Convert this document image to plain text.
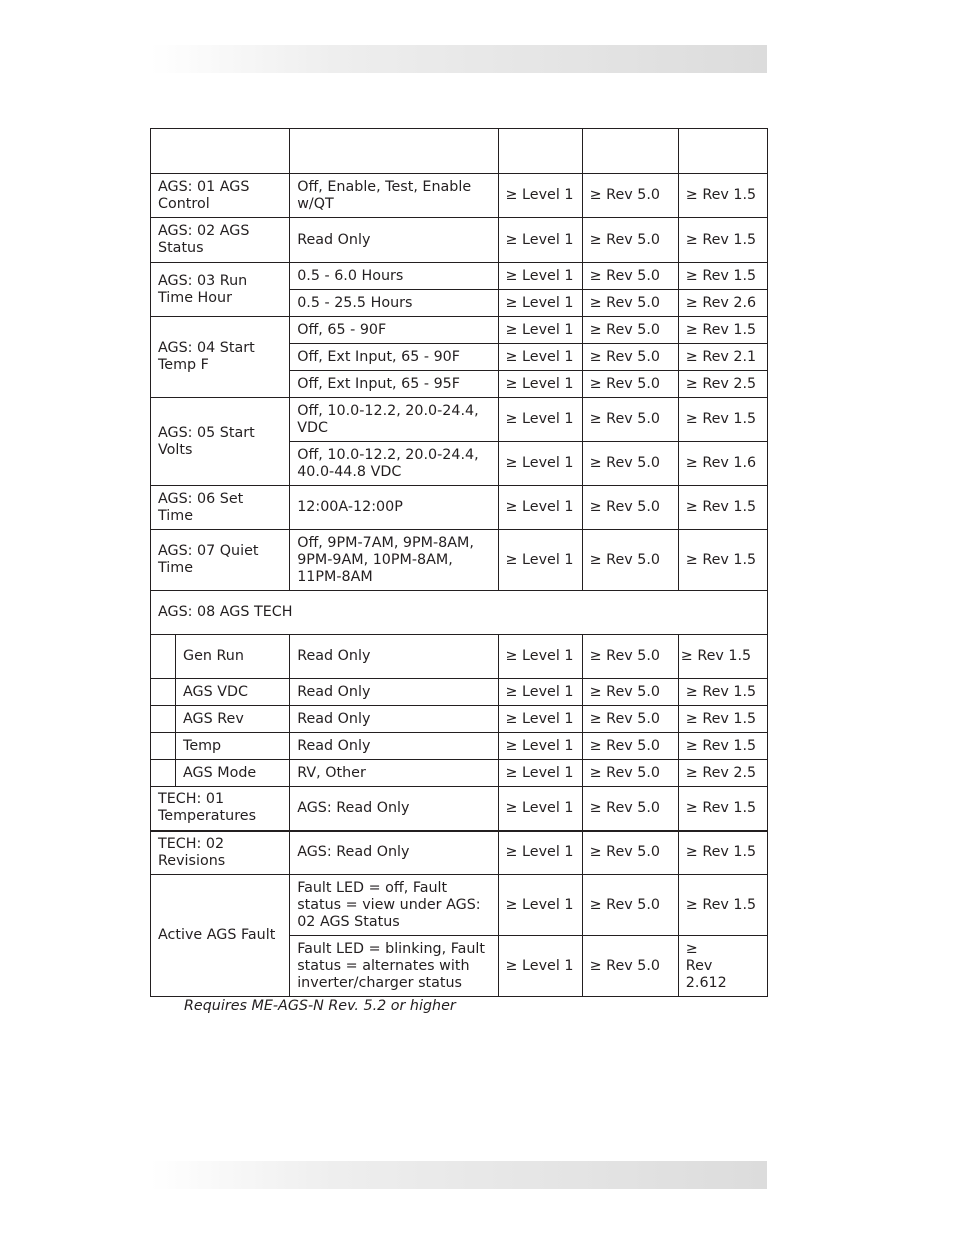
AGS: 01 AGS Control		Off, Enable, Test, Enable w/QT	≥ Level 1	≥ Rev 5.0	≥ Rev 1.5
AGS: 02 AGS Status		Read Only	≥ Level 1	≥ Rev 5.0	≥ Rev 1.5
AGS: 03 Run Time Hour		0.5 - 6.0 Hours	≥ Level 1	≥ Rev 5.0	≥ Rev 1.5
		0.5 - 25.5 Hours	≥ Level 1	≥ Rev 5.0	≥ Rev 2.6
AGS: 04 Start Temp F		Off, 65 - 90F	≥ Level 1	≥ Rev 5.0	≥ Rev 1.5
		Off, Ext Input, 65 - 90F	≥ Level 1	≥ Rev 5.0	≥ Rev 2.1
		Off, Ext Input, 65 - 95F	≥ Level 1	≥ Rev 5.0	≥ Rev 2.5
AGS: 05 Start Volts		Off, 10.0-12.2, 20.0-24.4, VDC	≥ Level 1	≥ Rev 5.0	≥ Rev 1.5
		Off, 10.0-12.2, 20.0-24.4, 40.0-44.8 VDC	≥ Level 1	≥ Rev 5.0	≥ Rev 1.6
AGS: 06 Set Time		12:00A-12:00P	≥ Level 1	≥ Rev 5.0	≥ Rev 1.5
AGS: 07 Quiet Time		Off, 9PM-7AM, 9PM-8AM, 9PM-9AM, 10PM-8AM, 11PM-8AM	≥ Level 1	≥ Rev 5.0	≥ Rev 1.5
AGS: 08 AGS TECH					
	Gen Run	Read Only	≥ Level 1	≥ Rev 5.0	≥ Rev 1.5
	AGS VDC	Read Only	≥ Level 1	≥ Rev 5.0	≥ Rev 1.5
	AGS Rev	Read Only	≥ Level 1	≥ Rev 5.0	≥ Rev 1.5
	Temp	Read Only	≥ Level 1	≥ Rev 5.0	≥ Rev 1.5
	AGS Mode	RV, Other	≥ Level 1	≥ Rev 5.0	≥ Rev 2.5
TECH: 01 Temperatures		AGS: Read Only	≥ Level 1	≥ Rev 5.0	≥ Rev 1.5
TECH: 02 Revisions		AGS: Read Only	≥ Level 1	≥ Rev 5.0	≥ Rev 1.5
Active AGS Fault		Fault LED = off, Fault status = view under AGS: 02 AGS Status	≥ Level 1	≥ Rev 5.0	≥ Rev 1.5
		Fault LED = blinking, Fault status = alternates with inverter/charger status	≥ Level 1	≥ Rev 5.0	≥ Rev 2.612
Requires ME-AGS-N Rev. 5.2 or higher
